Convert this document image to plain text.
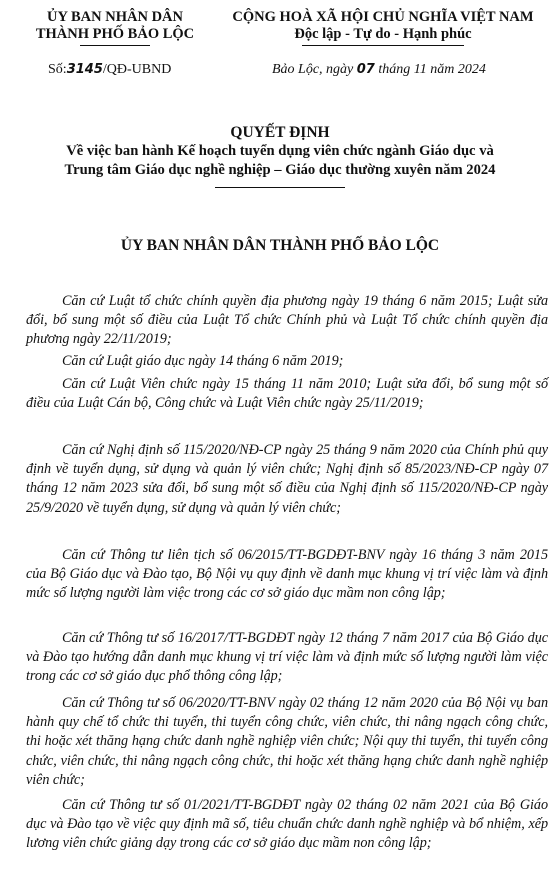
ỦY BAN NHÂN DÂN
THÀNH PHỐ BẢO LỘC
Số:3145/QĐ-UBND
CỘNG HOÀ XÃ HỘI CHỦ NGHĨA VIỆT NAM
Độc lập - Tự do - Hạnh phúc
Bảo Lộc, ngày 07 tháng 11 năm 2024
QUYẾT ĐỊNH
Về việc ban hành Kế hoạch tuyển dụng viên chức ngành Giáo dục và
Trung tâm Giáo dục nghề nghiệp – Giáo dục thường xuyên năm 2024
ỦY BAN NHÂN DÂN THÀNH PHỐ BẢO LỘC
Căn cứ Luật tổ chức chính quyền địa phương ngày 19 tháng 6 năm 2015; Luật sửa đổi, bổ sung một số điều của Luật Tổ chức Chính phủ và Luật Tổ chức chính quyền địa phương ngày 22/11/2019;
Căn cứ Luật giáo dục ngày 14 tháng 6 năm 2019;
Căn cứ Luật Viên chức ngày 15 tháng 11 năm 2010; Luật sửa đổi, bổ sung một số điều của Luật Cán bộ, Công chức và Luật Viên chức ngày 25/11/2019;
Căn cứ Nghị định số 115/2020/NĐ-CP ngày 25 tháng 9 năm 2020 của Chính phủ quy định về tuyển dụng, sử dụng và quản lý viên chức; Nghị định số 85/2023/NĐ-CP ngày 07 tháng 12 năm 2023 sửa đổi, bổ sung một số điều của Nghị định số 115/2020/NĐ-CP ngày 25/9/2020 về tuyển dụng, sử dụng và quản lý viên chức;
Căn cứ Thông tư liên tịch số 06/2015/TT-BGDĐT-BNV ngày 16 tháng 3 năm 2015 của Bộ Giáo dục và Đào tạo, Bộ Nội vụ quy định về danh mục khung vị trí việc làm và định mức số lượng người làm việc trong các cơ sở giáo dục mầm non công lập;
Căn cứ Thông tư số 16/2017/TT-BGDĐT ngày 12 tháng 7 năm 2017 của Bộ Giáo dục và Đào tạo hướng dẫn danh mục khung vị trí việc làm và định mức số lượng người làm việc trong các cơ sở giáo dục phổ thông công lập;
Căn cứ Thông tư số 06/2020/TT-BNV ngày 02 tháng 12 năm 2020 của Bộ Nội vụ ban hành quy chế tổ chức thi tuyển, thi tuyển công chức, viên chức, thi nâng ngạch công chức, thi hoặc xét thăng hạng chức danh nghề nghiệp viên chức; Nội quy thi tuyển, thi tuyển công chức, viên chức, thi nâng ngạch công chức, thi hoặc xét thăng hạng chức danh nghề nghiệp viên chức;
Căn cứ Thông tư số 01/2021/TT-BGDĐT ngày 02 tháng 02 năm 2021 của Bộ Giáo dục và Đào tạo về việc quy định mã số, tiêu chuẩn chức danh nghề nghiệp và bổ nhiệm, xếp lương viên chức giảng dạy trong các cơ sở giáo dục mầm non công lập;
